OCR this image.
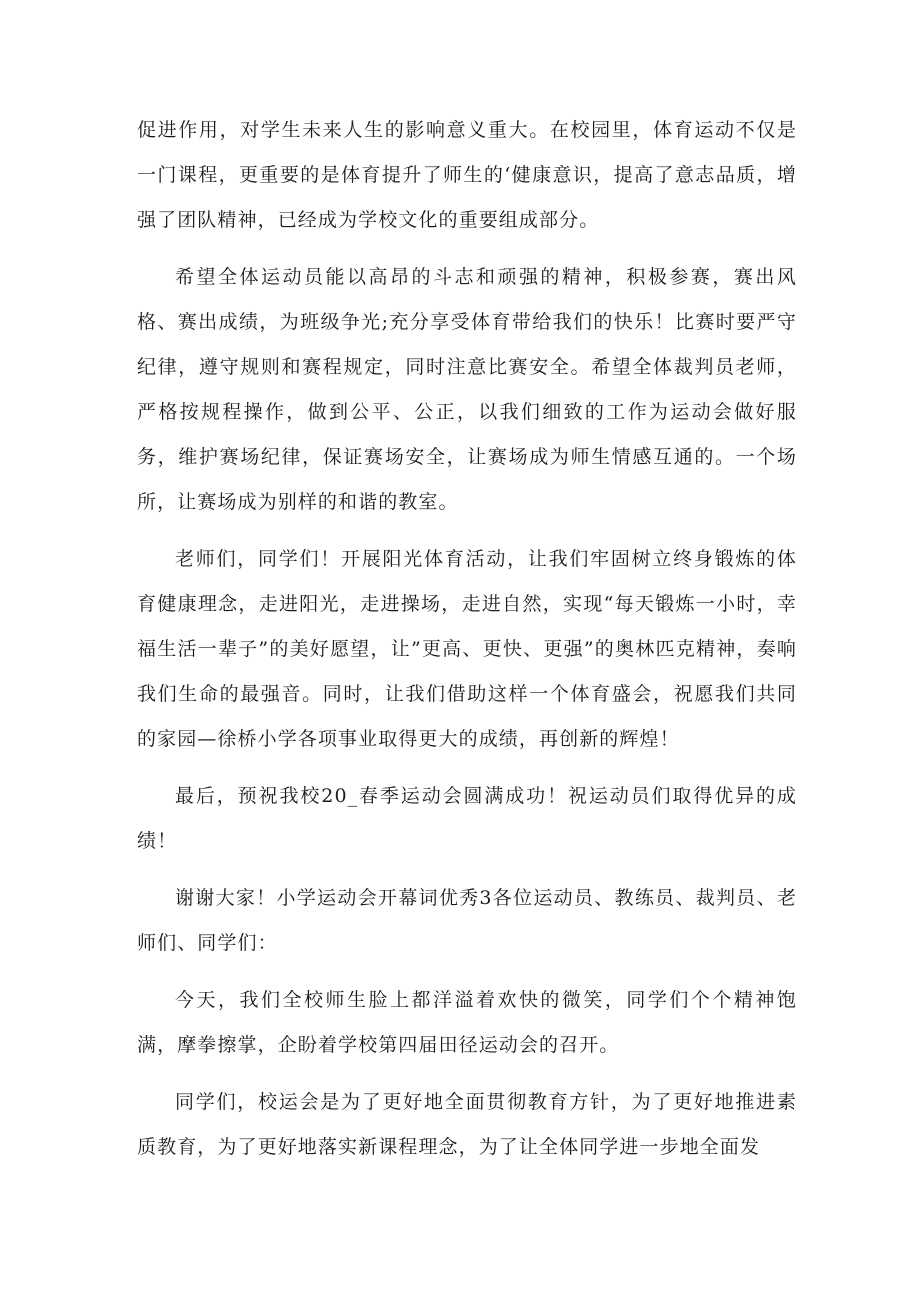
促进作用，对学生未来人生的影响意义重大。在校园里，体育运动不仅是一门课程，更重要的是体育提升了师生的‘健康意识，提高了意志品质，增强了团队精神，已经成为学校文化的重要组成部分。

希望全体运动员能以高昂的斗志和顽强的精神，积极参赛，赛出风格、赛出成绩，为班级争光;充分享受体育带给我们的快乐！比赛时要严守纪律，遵守规则和赛程规定，同时注意比赛安全。希望全体裁判员老师，严格按规程操作，做到公平、公正，以我们细致的工作为运动会做好服务，维护赛场纪律，保证赛场安全，让赛场成为师生情感互通的。一个场所，让赛场成为别样的和谐的教室。

老师们，同学们！开展阳光体育活动，让我们牢固树立终身锻炼的体育健康理念，走进阳光，走进操场，走进自然，实现“每天锻炼一小时，幸福生活一辈子”的美好愿望，让”更高、更快、更强”的奥林匹克精神，奏响我们生命的最强音。同时，让我们借助这样一个体育盛会，祝愿我们共同的家园—徐桥小学各项事业取得更大的成绩，再创新的辉煌！

最后，预祝我校20_春季运动会圆满成功！祝运动员们取得优异的成绩！

谢谢大家！小学运动会开幕词优秀3各位运动员、教练员、裁判员、老师们、同学们：

今天，我们全校师生脸上都洋溢着欢快的微笑，同学们个个精神饱满，摩拳擦掌，企盼着学校第四届田径运动会的召开。

同学们，校运会是为了更好地全面贯彻教育方针，为了更好地推进素质教育，为了更好地落实新课程理念，为了让全体同学进一步地全面发
